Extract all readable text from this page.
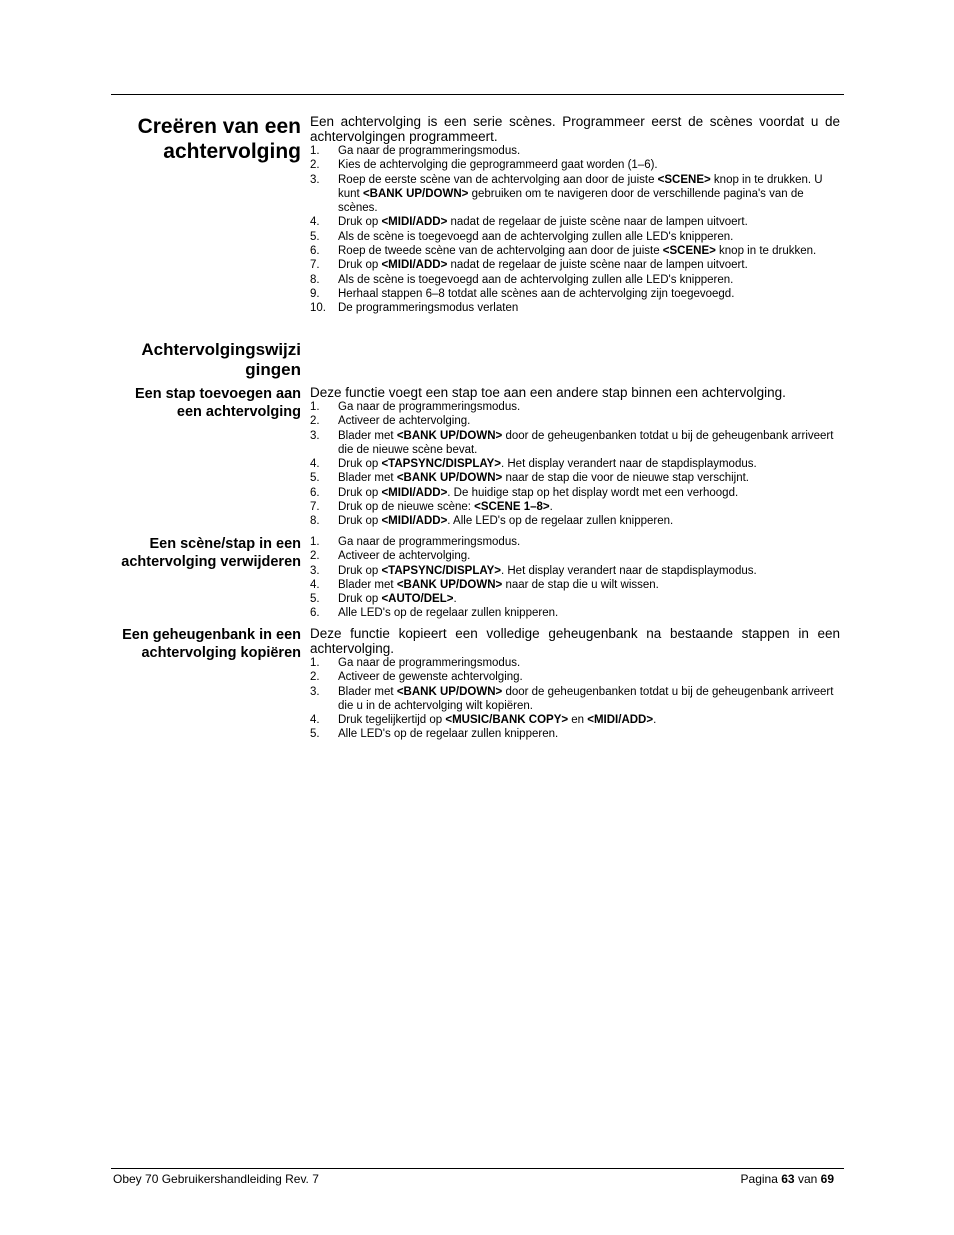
Creëren van een achtervolging

Een achtervolging is een serie scènes. Programmeer eerst de scènes voordat u de achtervolgingen programmeert.

1. Ga naar de programmeringsmodus.
2. Kies de achtervolging die geprogrammeerd gaat worden (1–6).
3. Roep de eerste scène van de achtervolging aan door de juiste <SCENE> knop in te drukken. U kunt <BANK UP/DOWN> gebruiken om te navigeren door de verschillende pagina's van de scènes.
4. Druk op <MIDI/ADD> nadat de regelaar de juiste scène naar de lampen uitvoert.
5. Als de scène is toegevoegd aan de achtervolging zullen alle LED's knipperen.
6. Roep de tweede scène van de achtervolging aan door de juiste <SCENE> knop in te drukken.
7. Druk op <MIDI/ADD> nadat de regelaar de juiste scène naar de lampen uitvoert.
8. Als de scène is toegevoegd aan de achtervolging zullen alle LED's knipperen.
9. Herhaal stappen 6–8 totdat alle scènes aan de achtervolging zijn toegevoegd.
10. De programmeringsmodus verlaten
Achtervolgingswijzi gingen
Een stap toevoegen aan een achtervolging

Deze functie voegt een stap toe aan een andere stap binnen een achtervolging.

1. Ga naar de programmeringsmodus.
2. Activeer de achtervolging.
3. Blader met <BANK UP/DOWN> door de geheugenbanken totdat u bij de geheugenbank arriveert die de nieuwe scène bevat.
4. Druk op <TAPSYNC/DISPLAY>. Het display verandert naar de stapdisplaymodus.
5. Blader met <BANK UP/DOWN> naar de stap die voor de nieuwe stap verschijnt.
6. Druk op <MIDI/ADD>. De huidige stap op het display wordt met een verhoogd.
7. Druk op de nieuwe scène: <SCENE 1–8>.
8. Druk op <MIDI/ADD>. Alle LED's op de regelaar zullen knipperen.
Een scène/stap in een achtervolging verwijderen
1. Ga naar de programmeringsmodus.
2. Activeer de achtervolging.
3. Druk op <TAPSYNC/DISPLAY>. Het display verandert naar de stapdisplaymodus.
4. Blader met <BANK UP/DOWN> naar de stap die u wilt wissen.
5. Druk op <AUTO/DEL>.
6. Alle LED's op de regelaar zullen knipperen.
Een geheugenbank in een achtervolging kopiëren

Deze functie kopieert een volledige geheugenbank na bestaande stappen in een achtervolging.

1. Ga naar de programmeringsmodus.
2. Activeer de gewenste achtervolging.
3. Blader met <BANK UP/DOWN> door de geheugenbanken totdat u bij de geheugenbank arriveert die u in de achtervolging wilt kopiëren.
4. Druk tegelijkertijd op <MUSIC/BANK COPY> en <MIDI/ADD>.
5. Alle LED's op de regelaar zullen knipperen.
Obey 70 Gebruikershandleiding Rev. 7	Pagina 63 van 69
